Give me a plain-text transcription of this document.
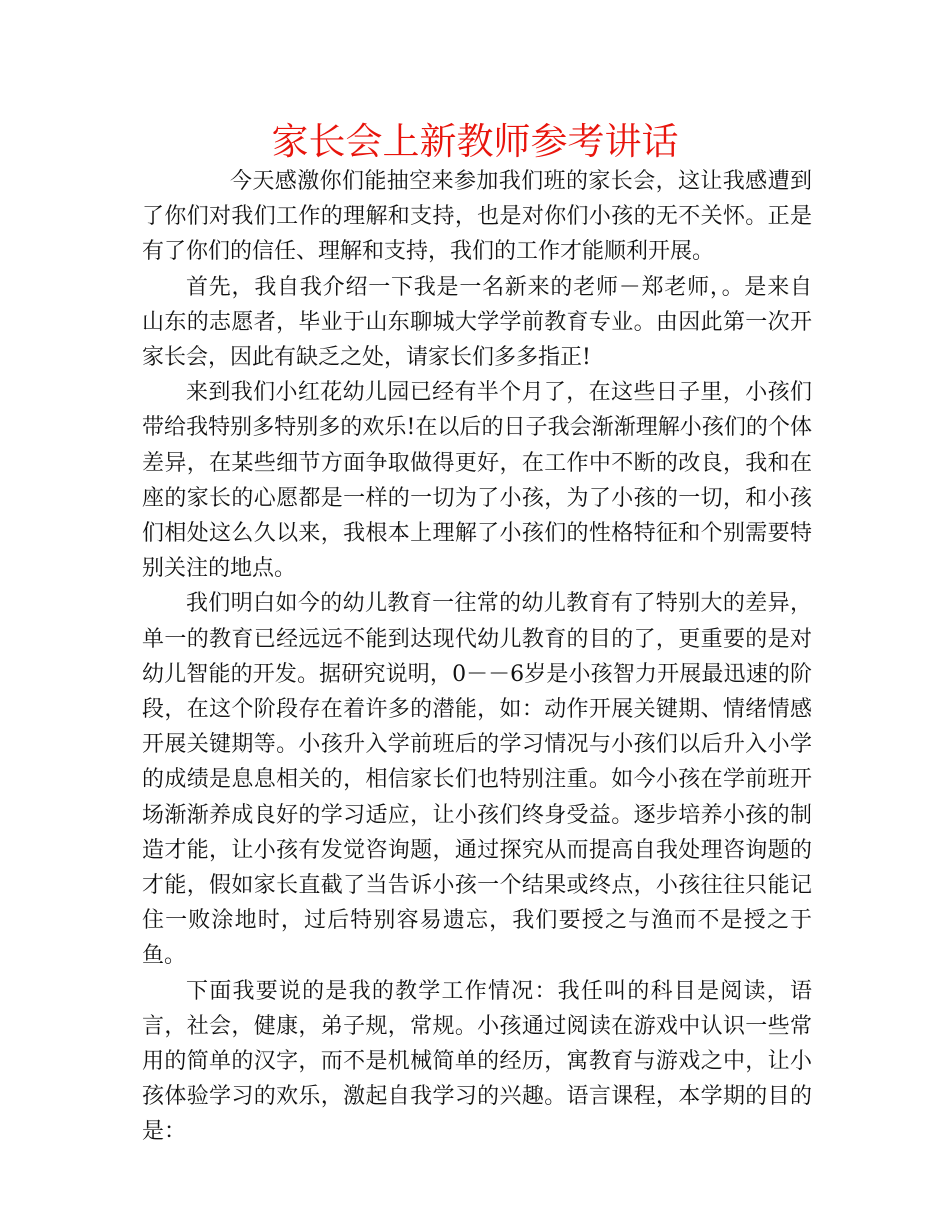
家长会上新教师参考讲话

今天感激你们能抽空来参加我们班的家长会，这让我感遭到了你们对我们工作的理解和支持，也是对你们小孩的无不关怀。正是有了你们的信任、理解和支持，我们的工作才能顺利开展。

首先，我自我介绍一下我是一名新来的老师－郑老师，。是来自山东的志愿者，毕业于山东聊城大学学前教育专业。由因此第一次开家长会，因此有缺乏之处，请家长们多多指正!

来到我们小红花幼儿园已经有半个月了，在这些日子里，小孩们带给我特别多特别多的欢乐!在以后的日子我会渐渐理解小孩们的个体差异，在某些细节方面争取做得更好，在工作中不断的改良，我和在座的家长的心愿都是一样的一切为了小孩，为了小孩的一切，和小孩们相处这么久以来，我根本上理解了小孩们的性格特征和个别需要特别关注的地点。

我们明白如今的幼儿教育一往常的幼儿教育有了特别大的差异，单一的教育已经远远不能到达现代幼儿教育的目的了，更重要的是对幼儿智能的开发。据研究说明，0－－6岁是小孩智力开展最迅速的阶段，在这个阶段存在着许多的潜能，如：动作开展关键期、情绪情感开展关键期等。小孩升入学前班后的学习情况与小孩们以后升入小学的成绩是息息相关的，相信家长们也特别注重。如今小孩在学前班开场渐渐养成良好的学习适应，让小孩们终身受益。逐步培养小孩的制造才能，让小孩有发觉咨询题，通过探究从而提高自我处理咨询题的才能，假如家长直截了当告诉小孩一个结果或终点，小孩往往只能记住一败涂地时，过后特别容易遗忘，我们要授之与渔而不是授之于鱼。

下面我要说的是我的教学工作情况：我任叫的科目是阅读，语言，社会，健康，弟子规，常规。小孩通过阅读在游戏中认识一些常用的简单的汉字，而不是机械简单的经历，寓教育与游戏之中，让小孩体验学习的欢乐，激起自我学习的兴趣。语言课程，本学期的目的是：
